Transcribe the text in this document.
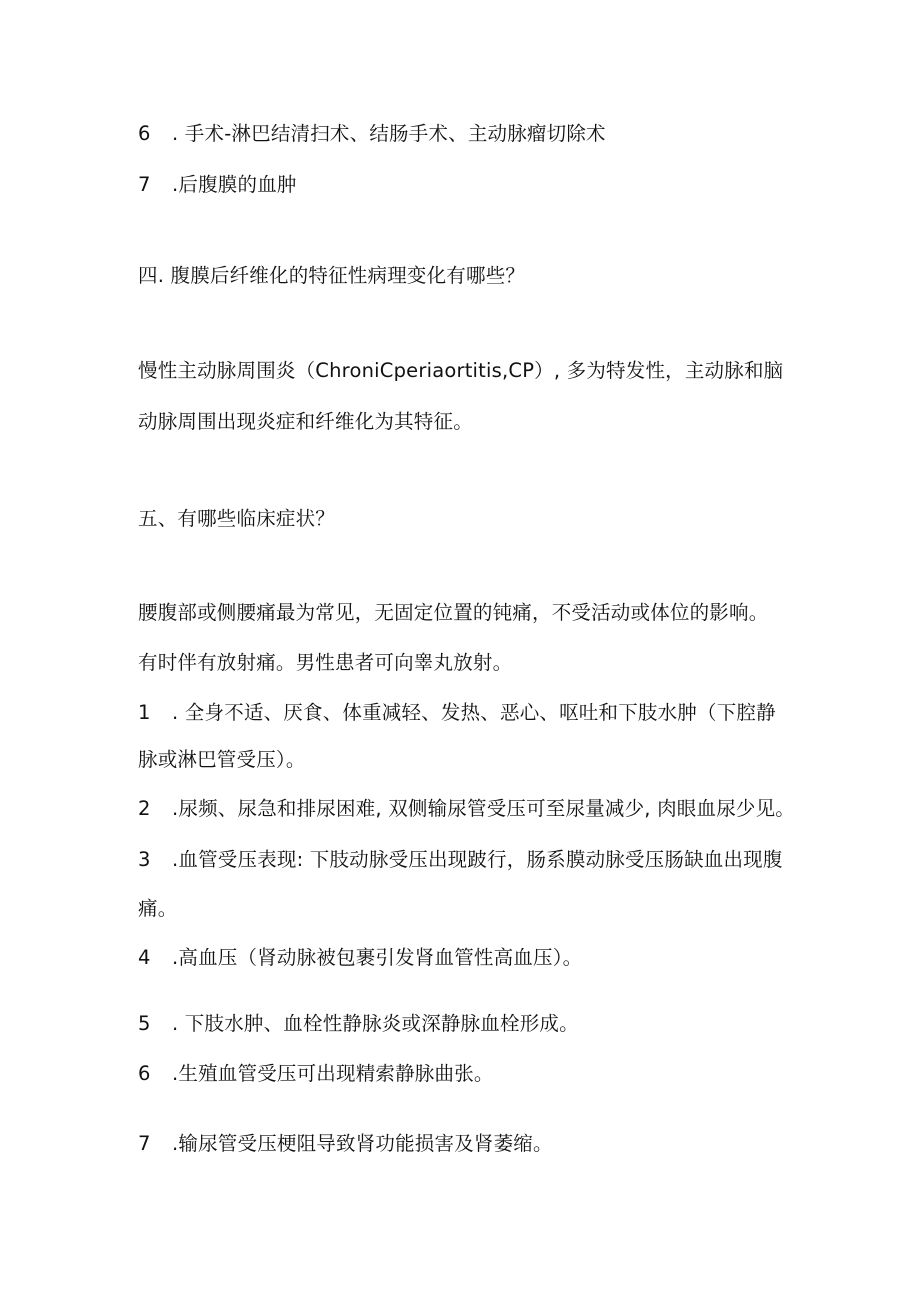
6 . 手术-淋巴结清扫术、结肠手术、主动脉瘤切除术
7 .后腹膜的血肿
四. 腹膜后纤维化的特征性病理变化有哪些？
慢性主动脉周围炎（ChroniCperiaortitis,CP）, 多为特发性，主动脉和脑
动脉周围出现炎症和纤维化为其特征。
五、有哪些临床症状？
腰腹部或侧腰痛最为常见，无固定位置的钝痛，不受活动或体位的影响。
有时伴有放射痛。男性患者可向睾丸放射。
1 . 全身不适、厌食、体重减轻、发热、恶心、呕吐和下肢水肿（下腔静
脉或淋巴管受压）。
2 .尿频、尿急和排尿困难, 双侧输尿管受压可至尿量减少, 肉眼血尿少见。
3 .血管受压表现: 下肢动脉受压出现跛行，肠系膜动脉受压肠缺血出现腹
痛。
4 .高血压（肾动脉被包裹引发肾血管性高血压）。
5 . 下肢水肿、血栓性静脉炎或深静脉血栓形成。
6 .生殖血管受压可出现精索静脉曲张。
7 .输尿管受压梗阻导致肾功能损害及肾萎缩。
